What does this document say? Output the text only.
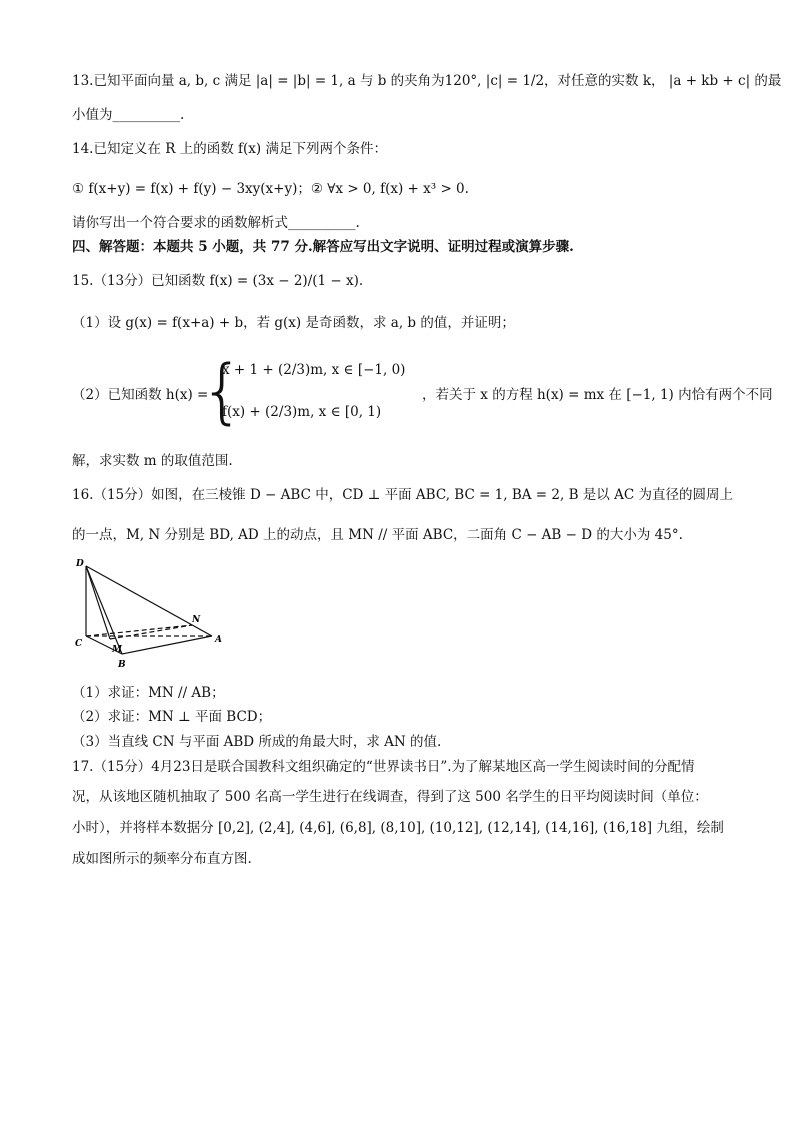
13.已知平面向量 a, b, c 满足 |a| = |b| = 1, a 与 b 的夹角为120°, |c| = 1/2，对任意的实数 k， |a + kb + c| 的最
小值为__________.
14.已知定义在 R 上的函数 f(x) 满足下列两个条件：
① f(x+y) = f(x) + f(y) − 3xy(x+y)；② ∀x > 0, f(x) + x³ > 0.
请你写出一个符合要求的函数解析式__________.
四、解答题：本题共 5 小题，共 77 分.解答应写出文字说明、证明过程或演算步骤.
15.（13分）已知函数 f(x) = (3x − 2)/(1 − x).
（1）设 g(x) = f(x+a) + b，若 g(x) 是奇函数，求 a, b 的值，并证明；
（2）已知函数 h(x) =
{
x + 1 + (2/3)m, x ∈ [−1, 0)
f(x) + (2/3)m, x ∈ [0, 1)
，若关于 x 的方程 h(x) = mx 在 [−1, 1) 内恰有两个不同
解，求实数 m 的取值范围.
16.（15分）如图，在三棱锥 D − ABC 中，CD ⊥ 平面 ABC, BC = 1, BA = 2, B 是以 AC 为直径的圆周上
的一点，M, N 分别是 BD, AD 上的动点，且 MN // 平面 ABC，二面角 C − AB − D 的大小为 45°.
D
C
B
A
M
N
（1）求证：MN // AB；
（2）求证：MN ⊥ 平面 BCD；
（3）当直线 CN 与平面 ABD 所成的角最大时，求 AN 的值.
17.（15分）4月23日是联合国教科文组织确定的“世界读书日”.为了解某地区高一学生阅读时间的分配情
况，从该地区随机抽取了 500 名高一学生进行在线调查，得到了这 500 名学生的日平均阅读时间（单位：
小时），并将样本数据分 [0,2], (2,4], (4,6], (6,8], (8,10], (10,12], (12,14], (14,16], (16,18] 九组，绘制
成如图所示的频率分布直方图.
